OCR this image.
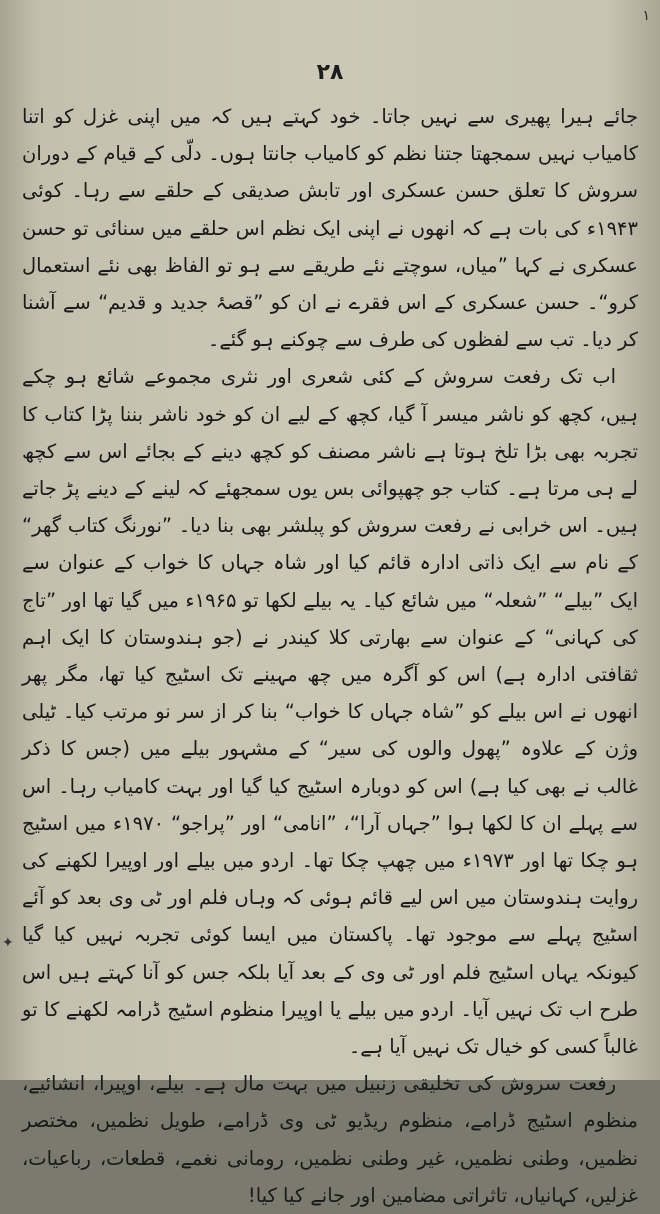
١
۲۸

جائے ہیرا پھیری سے نہیں جاتا۔ خود کہتے ہیں کہ میں اپنی غزل کو اتنا کامیاب نہیں سمجھتا جتنا نظم کو کامیاب جانتا ہوں۔ دلّی کے قیام کے دوران سروش کا تعلق حسن عسکری اور تابش صدیقی کے حلقے سے رہا۔ کوئی ۱۹۴۳ء کی بات ہے کہ انھوں نے اپنی ایک نظم اس حلقے میں سنائی تو حسن عسکری نے کہا ”میاں، سوچتے نئے طریقے سے ہو تو الفاظ بھی نئے استعمال کرو“۔ حسن عسکری کے اس فقرے نے ان کو ”قصۂ جدید و قدیم“ سے آشنا کر دیا۔ تب سے لفظوں کی طرف سے چوکنے ہو گئے۔

اب تک رفعت سروش کے کئی شعری اور نثری مجموعے شائع ہو چکے ہیں، کچھ کو ناشر میسر آ گیا، کچھ کے لیے ان کو خود ناشر بننا پڑا کتاب کا تجربہ بھی بڑا تلخ ہوتا ہے ناشر مصنف کو کچھ دینے کے بجائے اس سے کچھ لے ہی مرتا ہے۔ کتاب جو چھپوائی بس یوں سمجھئے کہ لینے کے دینے پڑ جاتے ہیں۔ اس خرابی نے رفعت سروش کو پبلشر بھی بنا دیا۔ ”نورنگ کتاب گھر“ کے نام سے ایک ذاتی ادارہ قائم کیا اور شاہ جہاں کا خواب کے عنوان سے ایک ”بیلے“ ”شعلہ“ میں شائع کیا۔ یہ بیلے لکھا تو ۱۹۶۵ء میں گیا تھا اور ”تاج کی کہانی“ کے عنوان سے بھارتی کلا کیندر نے (جو ہندوستان کا ایک اہم ثقافتی ادارہ ہے) اس کو آگرہ میں چھ مہینے تک اسٹیج کیا تھا، مگر پھر انھوں نے اس بیلے کو ”شاہ جہاں کا خواب“ بنا کر از سر نو مرتب کیا۔ ٹیلی وژن کے علاوہ ”پھول والوں کی سیر“ کے مشہور بیلے میں (جس کا ذکر غالب نے بھی کیا ہے) اس کو دوبارہ اسٹیج کیا گیا اور بہت کامیاب رہا۔ اس سے پہلے ان کا لکھا ہوا ”جہاں آرا“، ”انامی“ اور ”پراجو“ ۱۹۷۰ء میں اسٹیج ہو چکا تھا اور ۱۹۷۳ء میں چھپ چکا تھا۔ اردو میں بیلے اور اوپیرا لکھنے کی روایت ہندوستان میں اس لیے قائم ہوئی کہ وہاں فلم اور ٹی وی بعد کو آئے اسٹیج پہلے سے موجود تھا۔ پاکستان میں ایسا کوئی تجربہ نہیں کیا گیا کیونکہ یہاں اسٹیج فلم اور ٹی وی کے بعد آیا بلکہ جس کو آنا کہتے ہیں اس طرح اب تک نہیں آیا۔ اردو میں بیلے یا اوپیرا منظوم اسٹیج ڈرامہ لکھنے کا تو غالباً کسی کو خیال تک نہیں آیا ہے۔

رفعت سروش کی تخلیقی زنبیل میں بہت مال ہے۔ بیلے، اوپیرا، انشائیے، منظوم اسٹیج ڈرامے، منظوم ریڈیو ٹی وی ڈرامے، طویل نظمیں، مختصر نظمیں، وطنی نظمیں، غیر وطنی نظمیں، رومانی نغمے، قطعات، رباعیات، غزلیں، کہانیاں، تاثراتی مضامین اور جانے کیا کیا!

✦
